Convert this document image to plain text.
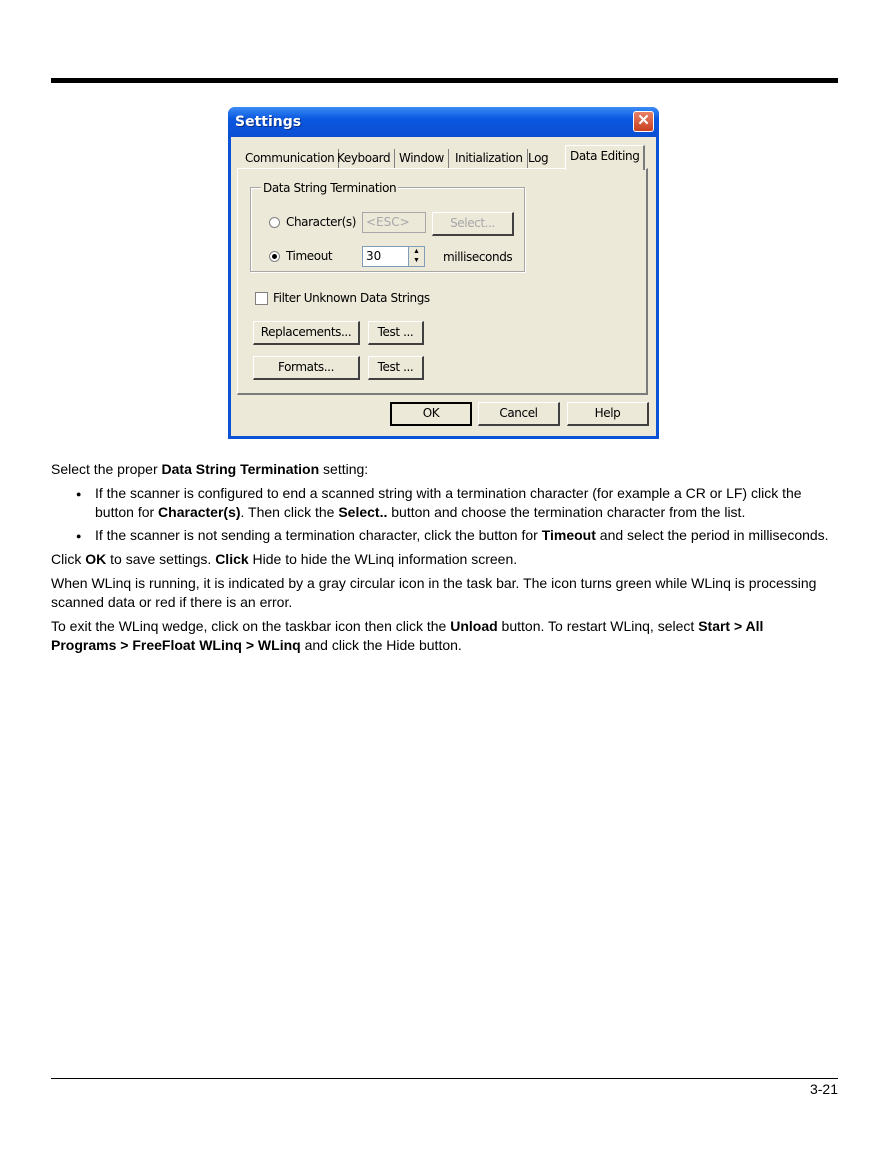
Settings	✕
Communication Keyboard Window Initialization Log	Data Editing
Data String Termination
Character(s) <ESC>	Select...
Timeout	30	▲
▼	milliseconds
Filter Unknown Data Strings
Replacements...	Test ...
Formats...	Test ...
OK	Cancel	Help
Select the proper Data String Termination setting:
● If the scanner is configured to end a scanned string with a termination character (for example a CR or LF) click the button for Character(s). Then click the Select.. button and choose the termination character from the list.
● If the scanner is not sending a termination character, click the button for Timeout and select the period in milliseconds.
Click OK to save settings. Click Hide to hide the WLinq information screen.
When WLinq is running, it is indicated by a gray circular icon in the task bar. The icon turns green while WLinq is processing scanned data or red if there is an error.
To exit the WLinq wedge, click on the taskbar icon then click the Unload button. To restart WLinq, select Start > All Programs > FreeFloat WLinq > WLinq and click the Hide button.
3-21
